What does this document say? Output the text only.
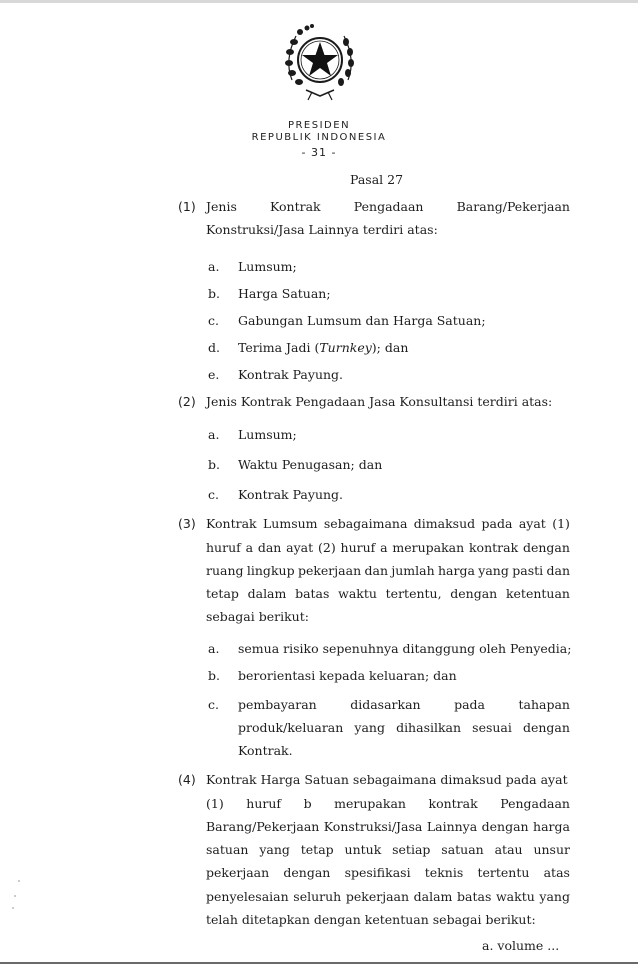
PRESIDEN
REPUBLIK INDONESIA
- 31 -
Pasal 27
(1) Jenis	Kontrak	Pengadaan	Barang/Pekerjaan
Konstruksi/Jasa Lainnya terdiri atas:
a. Lumsum;
b. Harga Satuan;
c. Gabungan Lumsum dan Harga Satuan;
d. Terima Jadi (Turnkey); dan
e. Kontrak Payung.
(2) Jenis Kontrak Pengadaan Jasa Konsultansi terdiri atas:
a. Lumsum;
b. Waktu Penugasan; dan
c. Kontrak Payung.
(3) Kontrak Lumsum sebagaimana dimaksud pada ayat (1)
huruf a dan ayat (2) huruf a merupakan kontrak dengan
ruang lingkup pekerjaan dan jumlah harga yang pasti dan
tetap dalam batas waktu tertentu, dengan ketentuan
sebagai berikut:
a. semua risiko sepenuhnya ditanggung oleh Penyedia;
b. berorientasi kepada keluaran; dan
c. pembayaran	didasarkan	pada	tahapan
produk/keluaran yang dihasilkan sesuai dengan
Kontrak.
(4) Kontrak Harga Satuan sebagaimana dimaksud pada ayat
(1) huruf b merupakan kontrak Pengadaan
Barang/Pekerjaan Konstruksi/Jasa Lainnya dengan harga
satuan yang tetap untuk setiap satuan atau unsur
pekerjaan dengan spesifikasi teknis tertentu atas
penyelesaian seluruh pekerjaan dalam batas waktu yang
telah ditetapkan dengan ketentuan sebagai berikut:
a. volume ...
